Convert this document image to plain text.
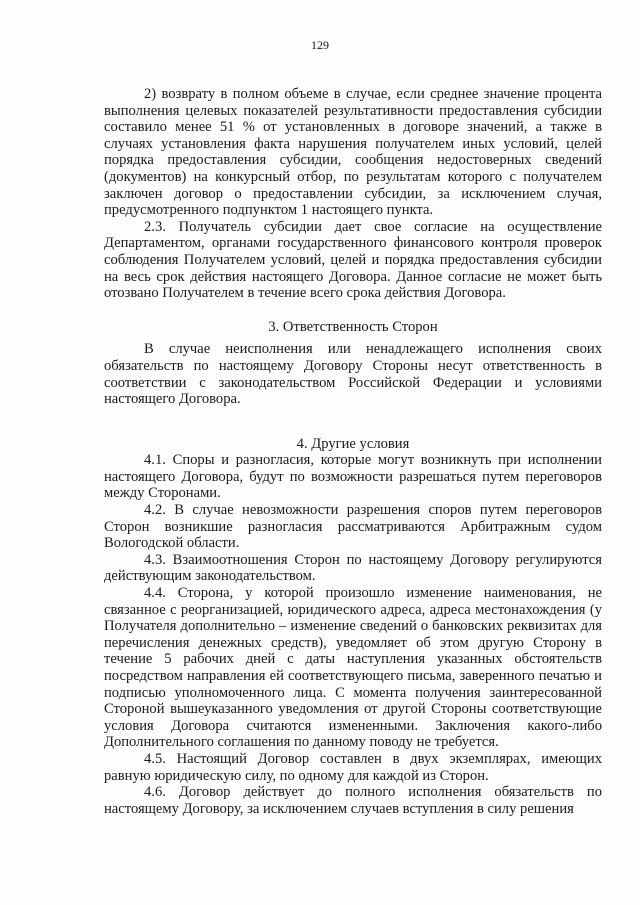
129

2) возврату в полном объеме в случае, если среднее значение процента выполнения целевых показателей результативности предоставления субсидии составило менее 51 % от установленных в договоре значений, а также в случаях установления факта нарушения получателем иных условий, целей порядка предоставления субсидии, сообщения недостоверных сведений (документов) на конкурсный отбор, по результатам которого с получателем заключен договор о предоставлении субсидии, за исключением случая, предусмотренного подпунктом 1 настоящего пункта.

2.3. Получатель субсидии дает свое согласие на осуществление Департаментом, органами государственного финансового контроля проверок соблюдения Получателем условий, целей и порядка предоставления субсидии на весь срок действия настоящего Договора. Данное согласие не может быть отозвано Получателем в течение всего срока действия Договора.

3. Ответственность Сторон

В случае неисполнения или ненадлежащего исполнения своих обязательств по настоящему Договору Стороны несут ответственность в соответствии с законодательством Российской Федерации и условиями настоящего Договора.

4. Другие условия

4.1. Споры и разногласия, которые могут возникнуть при исполнении настоящего Договора, будут по возможности разрешаться путем переговоров между Сторонами.

4.2. В случае невозможности разрешения споров путем переговоров Сторон возникшие разногласия рассматриваются Арбитражным судом Вологодской области.

4.3. Взаимоотношения Сторон по настоящему Договору регулируются действующим законодательством.

4.4. Сторона, у которой произошло изменение наименования, не связанное с реорганизацией, юридического адреса, адреса местонахождения (у Получателя дополнительно – изменение сведений о банковских реквизитах для перечисления денежных средств), уведомляет об этом другую Сторону в течение 5 рабочих дней с даты наступления указанных обстоятельств посредством направления ей соответствующего письма, заверенного печатью и подписью уполномоченного лица. С момента получения заинтересованной Стороной вышеуказанного уведомления от другой Стороны соответствующие условия Договора считаются измененными. Заключения какого-либо Дополнительного соглашения по данному поводу не требуется.

4.5. Настоящий Договор составлен в двух экземплярах, имеющих равную юридическую силу, по одному для каждой из Сторон.

4.6. Договор действует до полного исполнения обязательств по настоящему Договору, за исключением случаев вступления в силу решения
